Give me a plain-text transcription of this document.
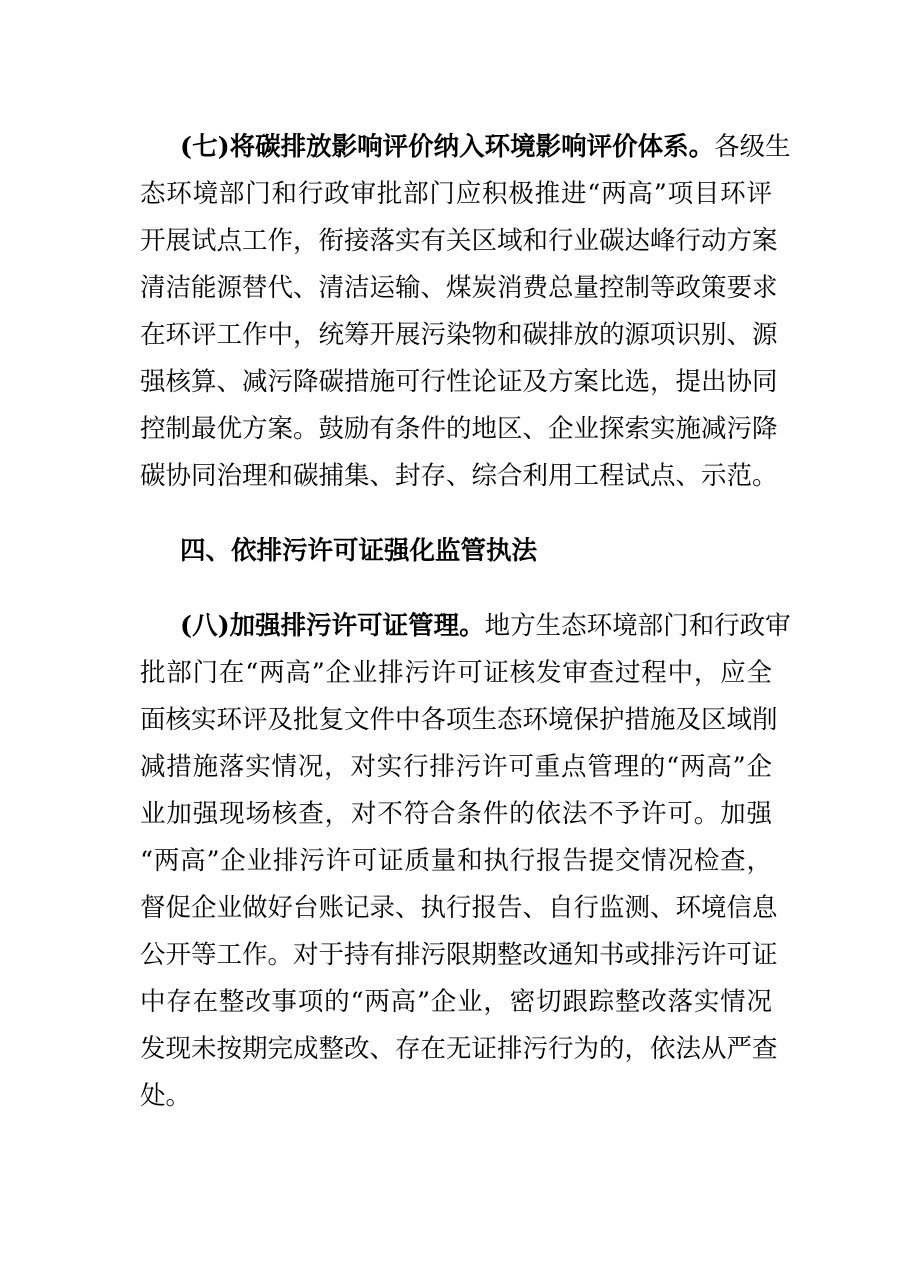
(七)将碳排放影响评价纳入环境影响评价体系。各级生
态环境部门和行政审批部门应积极推进“两高”项目环评
开展试点工作，衔接落实有关区域和行业碳达峰行动方案
清洁能源替代、清洁运输、煤炭消费总量控制等政策要求
在环评工作中，统筹开展污染物和碳排放的源项识别、源
强核算、减污降碳措施可行性论证及方案比选，提出协同
控制最优方案。鼓励有条件的地区、企业探索实施减污降
碳协同治理和碳捕集、封存、综合利用工程试点、示范。
四、依排污许可证强化监管执法
(八)加强排污许可证管理。地方生态环境部门和行政审
批部门在“两高”企业排污许可证核发审查过程中，应全
面核实环评及批复文件中各项生态环境保护措施及区域削
减措施落实情况，对实行排污许可重点管理的“两高”企
业加强现场核查，对不符合条件的依法不予许可。加强
“两高”企业排污许可证质量和执行报告提交情况检查，
督促企业做好台账记录、执行报告、自行监测、环境信息
公开等工作。对于持有排污限期整改通知书或排污许可证
中存在整改事项的“两高”企业，密切跟踪整改落实情况
发现未按期完成整改、存在无证排污行为的，依法从严查
处。
